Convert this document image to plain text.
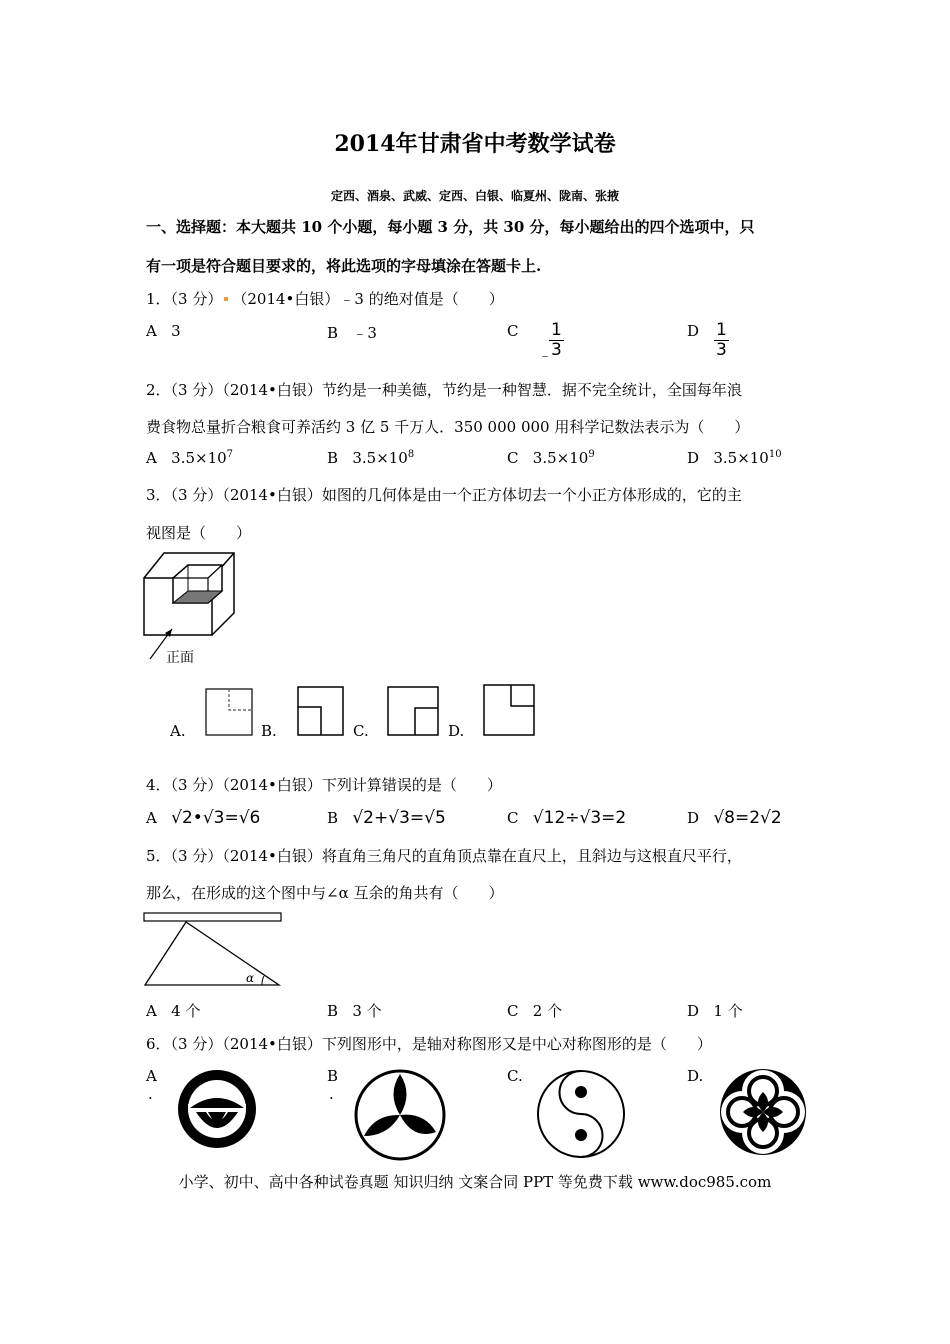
2014年甘肃省中考数学试卷
定西、酒泉、武威、定西、白银、临夏州、陇南、张掖
一、选择题：本大题共 10 个小题，每小题 3 分，共 30 分，每小题给出的四个选项中，只
有一项是符合题目要求的，将此选项的字母填涂在答题卡上.
1．（3 分） （2014•白银）﹣3 的绝对值是（　　）
A 3	B ﹣3	C
﹣
$\frac{1}{3}$	D $\frac{1}{3}$
2．（3 分）（2014•白银）节约是一种美德，节约是一种智慧．据不完全统计，全国每年浪
费食物总量折合粮食可养活约 3 亿 5 千万人．350 000 000 用科学记数法表示为（　　）
A $3.5\times 10^7$	B $3.5\times 10^8$	C $3.5\times 10^9$	D $3.5\times 10^{10}$
3．（3 分）（2014•白银）如图的几何体是由一个正方体切去一个小正方体形成的，它的主
视图是（　　）
正面
A.	B.	C.	D.
4．（3 分）（2014•白银）下列计算错误的是（　　）
A √2•√3=√6	B √2+√3=√5	C √12÷√3=2	D √8=2√2
5．（3 分）（2014•白银）将直角三角尺的直角顶点靠在直尺上，且斜边与这根直尺平行，
那么，在形成的这个图中与∠α 互余的角共有（　　）
α
A 4 个	B 3 个	C 2 个	D 1 个
6．（3 分）（2014•白银）下列图形中，是轴对称图形又是中心对称图形的是（　　）
A
.
B
.
C.	D.
小学、初中、高中各种试卷真题 知识归纳 文案合同 PPT 等免费下载 www.doc985.com
